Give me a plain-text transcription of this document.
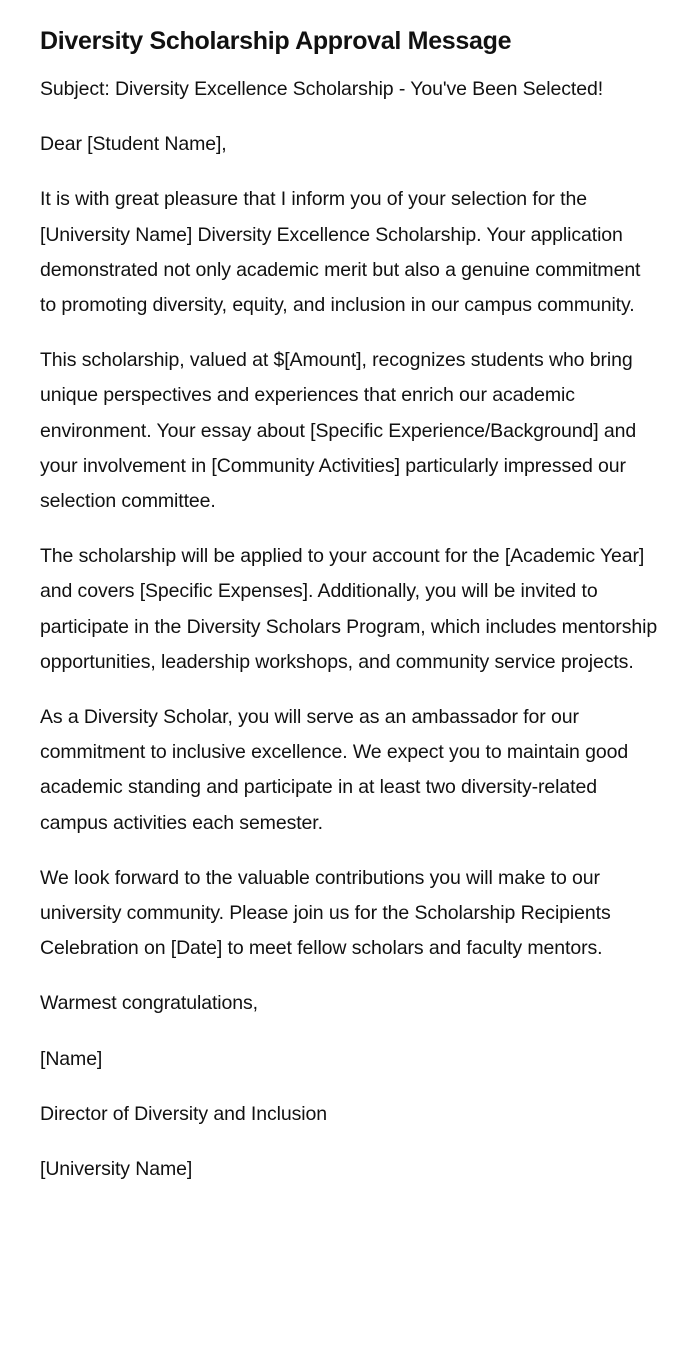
Diversity Scholarship Approval Message

Subject: Diversity Excellence Scholarship - You've Been Selected!

Dear [Student Name],

It is with great pleasure that I inform you of your selection for the [University Name] Diversity Excellence Scholarship. Your application demonstrated not only academic merit but also a genuine commitment to promoting diversity, equity, and inclusion in our campus community.

This scholarship, valued at $[Amount], recognizes students who bring unique perspectives and experiences that enrich our academic environment. Your essay about [Specific Experience/Background] and your involvement in [Community Activities] particularly impressed our selection committee.

The scholarship will be applied to your account for the [Academic Year] and covers [Specific Expenses]. Additionally, you will be invited to participate in the Diversity Scholars Program, which includes mentorship opportunities, leadership workshops, and community service projects.

As a Diversity Scholar, you will serve as an ambassador for our commitment to inclusive excellence. We expect you to maintain good academic standing and participate in at least two diversity-related campus activities each semester.

We look forward to the valuable contributions you will make to our university community. Please join us for the Scholarship Recipients Celebration on [Date] to meet fellow scholars and faculty mentors.

Warmest congratulations,

[Name]

Director of Diversity and Inclusion

[University Name]
